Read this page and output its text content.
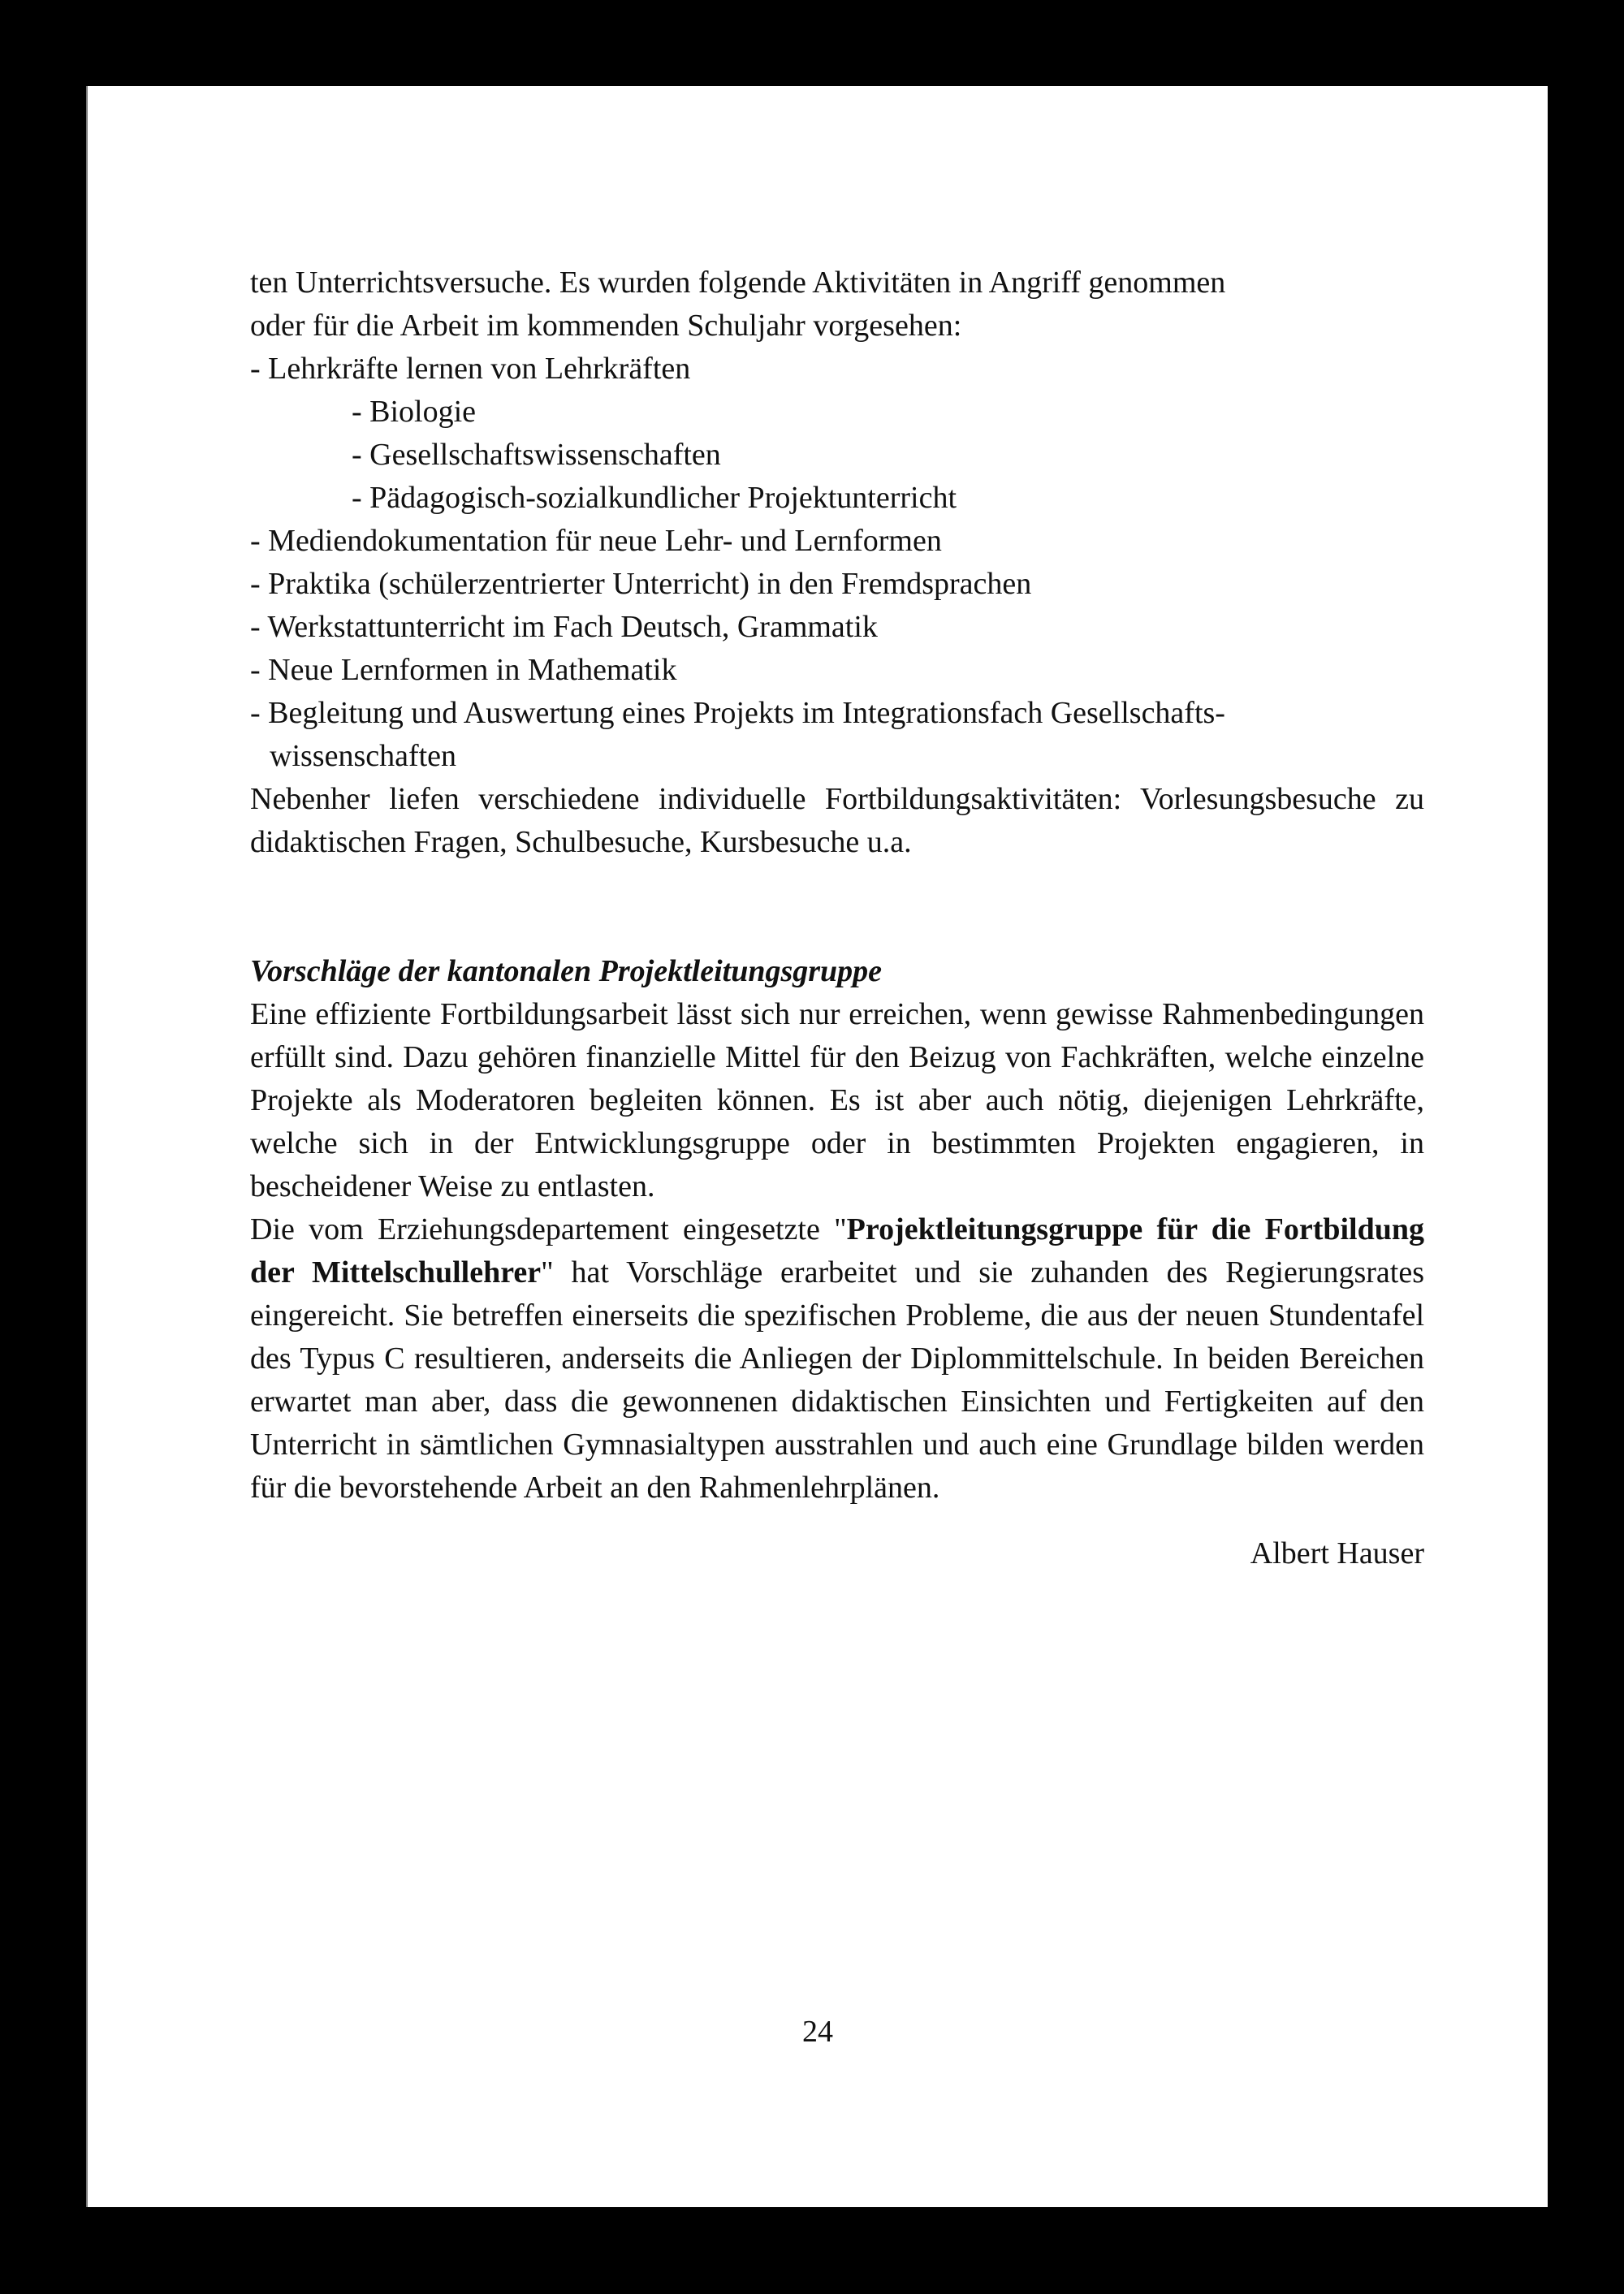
ten Unterrichtsversuche. Es wurden folgende Aktivitäten in Angriff genommen

oder für die Arbeit im kommenden Schuljahr vorgesehen:

- Lehrkräfte lernen von Lehrkräften

- Biologie

- Gesellschaftswissenschaften

- Pädagogisch-sozialkundlicher Projektunterricht

- Mediendokumentation für neue Lehr- und Lernformen

- Praktika (schülerzentrierter Unterricht) in den Fremdsprachen

- Werkstattunterricht im Fach Deutsch, Grammatik

- Neue Lernformen in Mathematik

- Begleitung und Auswertung eines Projekts im Integrationsfach Gesellschafts-

wissenschaften

Nebenher liefen verschiedene individuelle Fortbildungsaktivitäten: Vorlesungsbesuche zu didaktischen Fragen, Schulbesuche, Kursbesuche u.a.

Vorschläge der kantonalen Projektleitungsgruppe

Eine effiziente Fortbildungsarbeit lässt sich nur erreichen, wenn gewisse Rahmenbedingungen erfüllt sind. Dazu gehören finanzielle Mittel für den Beizug von Fachkräften, welche einzelne Projekte als Moderatoren begleiten können. Es ist aber auch nötig, diejenigen Lehrkräfte, welche sich in der Entwicklungsgruppe oder in bestimmten Projekten engagieren, in bescheidener Weise zu entlasten.

Die vom Erziehungsdepartement eingesetzte "Projektleitungsgruppe für die Fortbildung der Mittelschullehrer" hat Vorschläge erarbeitet und sie zuhanden des Regierungsrates eingereicht. Sie betreffen einerseits die spezifischen Probleme, die aus der neuen Stundentafel des Typus C resultieren, anderseits die Anliegen der Diplommittelschule. In beiden Bereichen erwartet man aber, dass die gewonnenen didaktischen Einsichten und Fertigkeiten auf den Unterricht in sämtlichen Gymnasialtypen ausstrahlen und auch eine Grundlage bilden werden für die bevorstehende Arbeit an den Rahmenlehrplänen.

Albert Hauser

24
